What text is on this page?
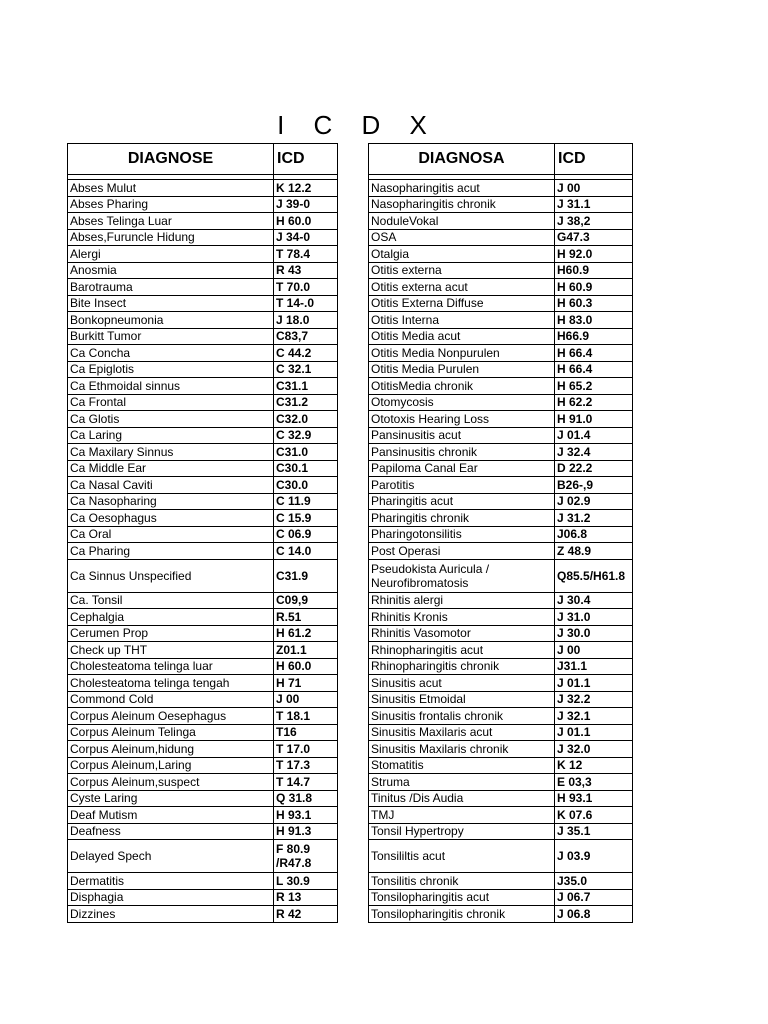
I C D X
DIAGNOSE	ICD

Abses Mulut	K 12.2
Abses Pharing	J 39-0
Abses Telinga Luar	H 60.0
Abses,Furuncle Hidung	J 34-0
Alergi	T 78.4
Anosmia	R 43
Barotrauma	T 70.0
Bite Insect	T 14-.0
Bonkopneumonia	J 18.0
Burkitt Tumor	C83,7
Ca Concha	C 44.2
Ca Epiglotis	C 32.1
Ca Ethmoidal sinnus	C31.1
Ca Frontal	C31.2
Ca Glotis	C32.0
Ca Laring	C 32.9
Ca Maxilary Sinnus	C31.0
Ca Middle Ear	C30.1
Ca Nasal Caviti	C30.0
Ca Nasopharing	C 11.9
Ca Oesophagus	C 15.9
Ca Oral	C 06.9
Ca Pharing	C 14.0
Ca Sinnus Unspecified	C31.9
Ca. Tonsil	C09,9
Cephalgia	R.51
Cerumen Prop	H 61.2
Check up THT	Z01.1
Cholesteatoma telinga luar	H 60.0
Cholesteatoma telinga tengah	H 71
Commond Cold	J 00
Corpus Aleinum Oesephagus	T 18.1
Corpus Aleinum Telinga	T16
Corpus Aleinum,hidung	T 17.0
Corpus Aleinum,Laring	T 17.3
Corpus Aleinum,suspect	T 14.7
Cyste Laring	Q 31.8
Deaf Mutism	H 93.1
Deafness	H 91.3
Delayed Spech	F 80.9 /R47.8
Dermatitis	L 30.9
Disphagia	R 13
Dizzines	R 42
DIAGNOSA	ICD

Nasopharingitis acut	J 00
Nasopharingitis chronik	J 31.1
NoduleVokal	J 38,2
OSA	G47.3
Otalgia	H 92.0
Otitis externa	H60.9
Otitis externa acut	H 60.9
Otitis Externa Diffuse	H 60.3
Otitis Interna	H 83.0
Otitis Media acut	H66.9
Otitis Media Nonpurulen	H 66.4
Otitis Media Purulen	H 66.4
OtitisMedia chronik	H 65.2
Otomycosis	H 62.2
Ototoxis Hearing Loss	H 91.0
Pansinusitis acut	J 01.4
Pansinusitis chronik	J 32.4
Papiloma Canal Ear	D 22.2
Parotitis	B26-,9
Pharingitis acut	J 02.9
Pharingitis chronik	J 31.2
Pharingotonsilitis	J06.8
Post Operasi	Z 48.9
Pseudokista Auricula / Neurofibromatosis	Q85.5/H61.8
Rhinitis alergi	J 30.4
Rhinitis Kronis	J 31.0
Rhinitis Vasomotor	J 30.0
Rhinopharingitis acut	J 00
Rhinopharingitis chronik	J31.1
Sinusitis acut	J 01.1
Sinusitis Etmoidal	J 32.2
Sinusitis frontalis chronik	J 32.1
Sinusitis Maxilaris acut	J 01.1
Sinusitis Maxilaris chronik	J 32.0
Stomatitis	K 12
Struma	E 03,3
Tinitus /Dis Audia	H 93.1
TMJ	K 07.6
Tonsil Hypertropy	J 35.1
Tonsililtis acut	J 03.9
Tonsilitis chronik	J35.0
Tonsilopharingitis acut	J 06.7
Tonsilopharingitis chronik	J 06.8
